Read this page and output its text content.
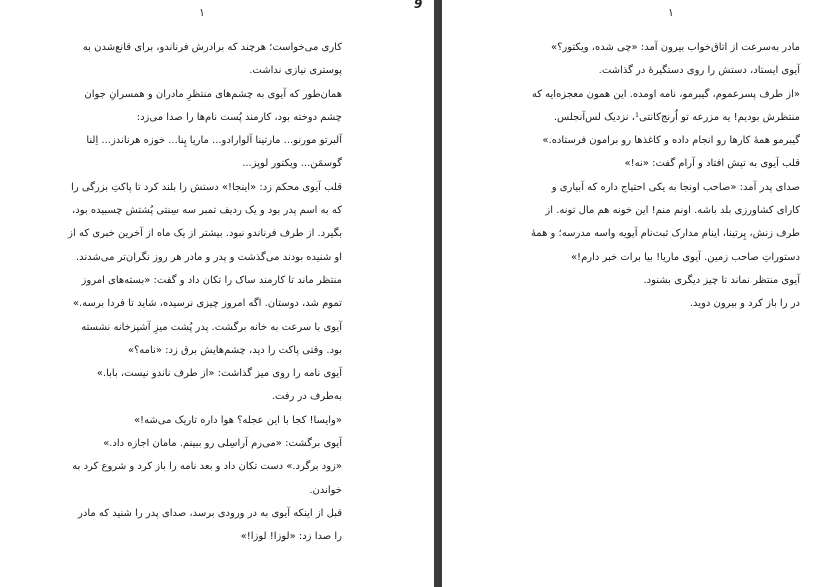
۱
کاری می‌خواست؛ هرچند که برادرش فرناندو، برای قانع‌شدن به
پوستری نیازی نداشت.
همان‌طور که آیوی به چشم‌های منتظرِ مادران و همسرانِ جوان
چشم دوخته بود، کارمند پُست نام‌ها را صدا می‌زد:
آلبرتو مورنو... مارتینا آلوارادو... ماریا پِنا... خوزه هرناندز... اِلنا
گوسمَن... ویکتور لوپز...
قلب آیوی محکم زد: «اینجا!» دستش را بلند کرد تا پاکتِ بزرگی را
که به اسم پدر بود و یک ردیف تمبر سه سِنتی پُشتش چسبیده بود،
بگیرد. از طرف فرناندو نبود. بیشتر از یک ماه از آخرین خبری که از
او شنیده بودند می‌گذشت و پدر و مادر هر روز نگران‌تر می‌شدند.
منتظر ماند تا کارمند ساک را تکان داد و گفت: «بسته‌های امروز
تموم شد، دوستان. اگه امروز چیزی نرسیده، شاید تا فردا برسه.»
آیوی با سرعت به خانه برگشت. پدر پُشت میزِ آشپزخانه نشسته
بود. وقتی پاکت را دید، چشم‌هایش برق زد: «نامه؟»
آیوی نامه را روی میز گذاشت: «از طرف ناندو نیست، بابا.»
به‌طرف در رفت.
«وایسا! کجا با این عجله؟ هوا داره تاریک می‌شه!»
آیوی برگشت: «می‌رم آراسِلی رو ببینم. مامان اجازه داد.»
«زود برگرد.» دست تکان داد و بعد نامه را باز کرد و شروع کرد به
خواندن.
قبل از اینکه آیوی به در ورودی برسد، صدای پدر را شنید که مادر
را صدا زد: «لوزا! لوزا!»
9
۱
مادر به‌سرعت از اتاق‌خواب بیرون آمد: «چی شده، ویکتور؟»
آیوی ایستاد، دستش را روی دستگیرهٔ در گذاشت.
«از طرف پسرعموم، گیبرمو، نامه اومده. این همون معجزه‌ایه که
منتظرش بودیم! یه مزرعه تو اُرنج‌کانتی¹، نزدیک لس‌آنجلس.
گیبرمو همهٔ کارها رو انجام داده و کاغذها رو برامون فرستاده.»
قلب آیوی به تپش افتاد و آرام گفت: «نه!»
صدای پدر آمد: «صاحب اونجا به یکی احتیاج داره که آبیاری و
کارای کشاورزی بلد باشه. اونم منم! این خونه هم مال تونه. از
طرف زنش، پِرتینا، اینام مدارک ثبت‌نام آیویه واسه مدرسه؛ و همهٔ
دستوراتِ صاحب زمین. آیوی ماریا! بیا برات خبر دارم!»
آیوی منتظر نماند تا چیز دیگری بشنود.
در را باز کرد و بیرون دوید.
